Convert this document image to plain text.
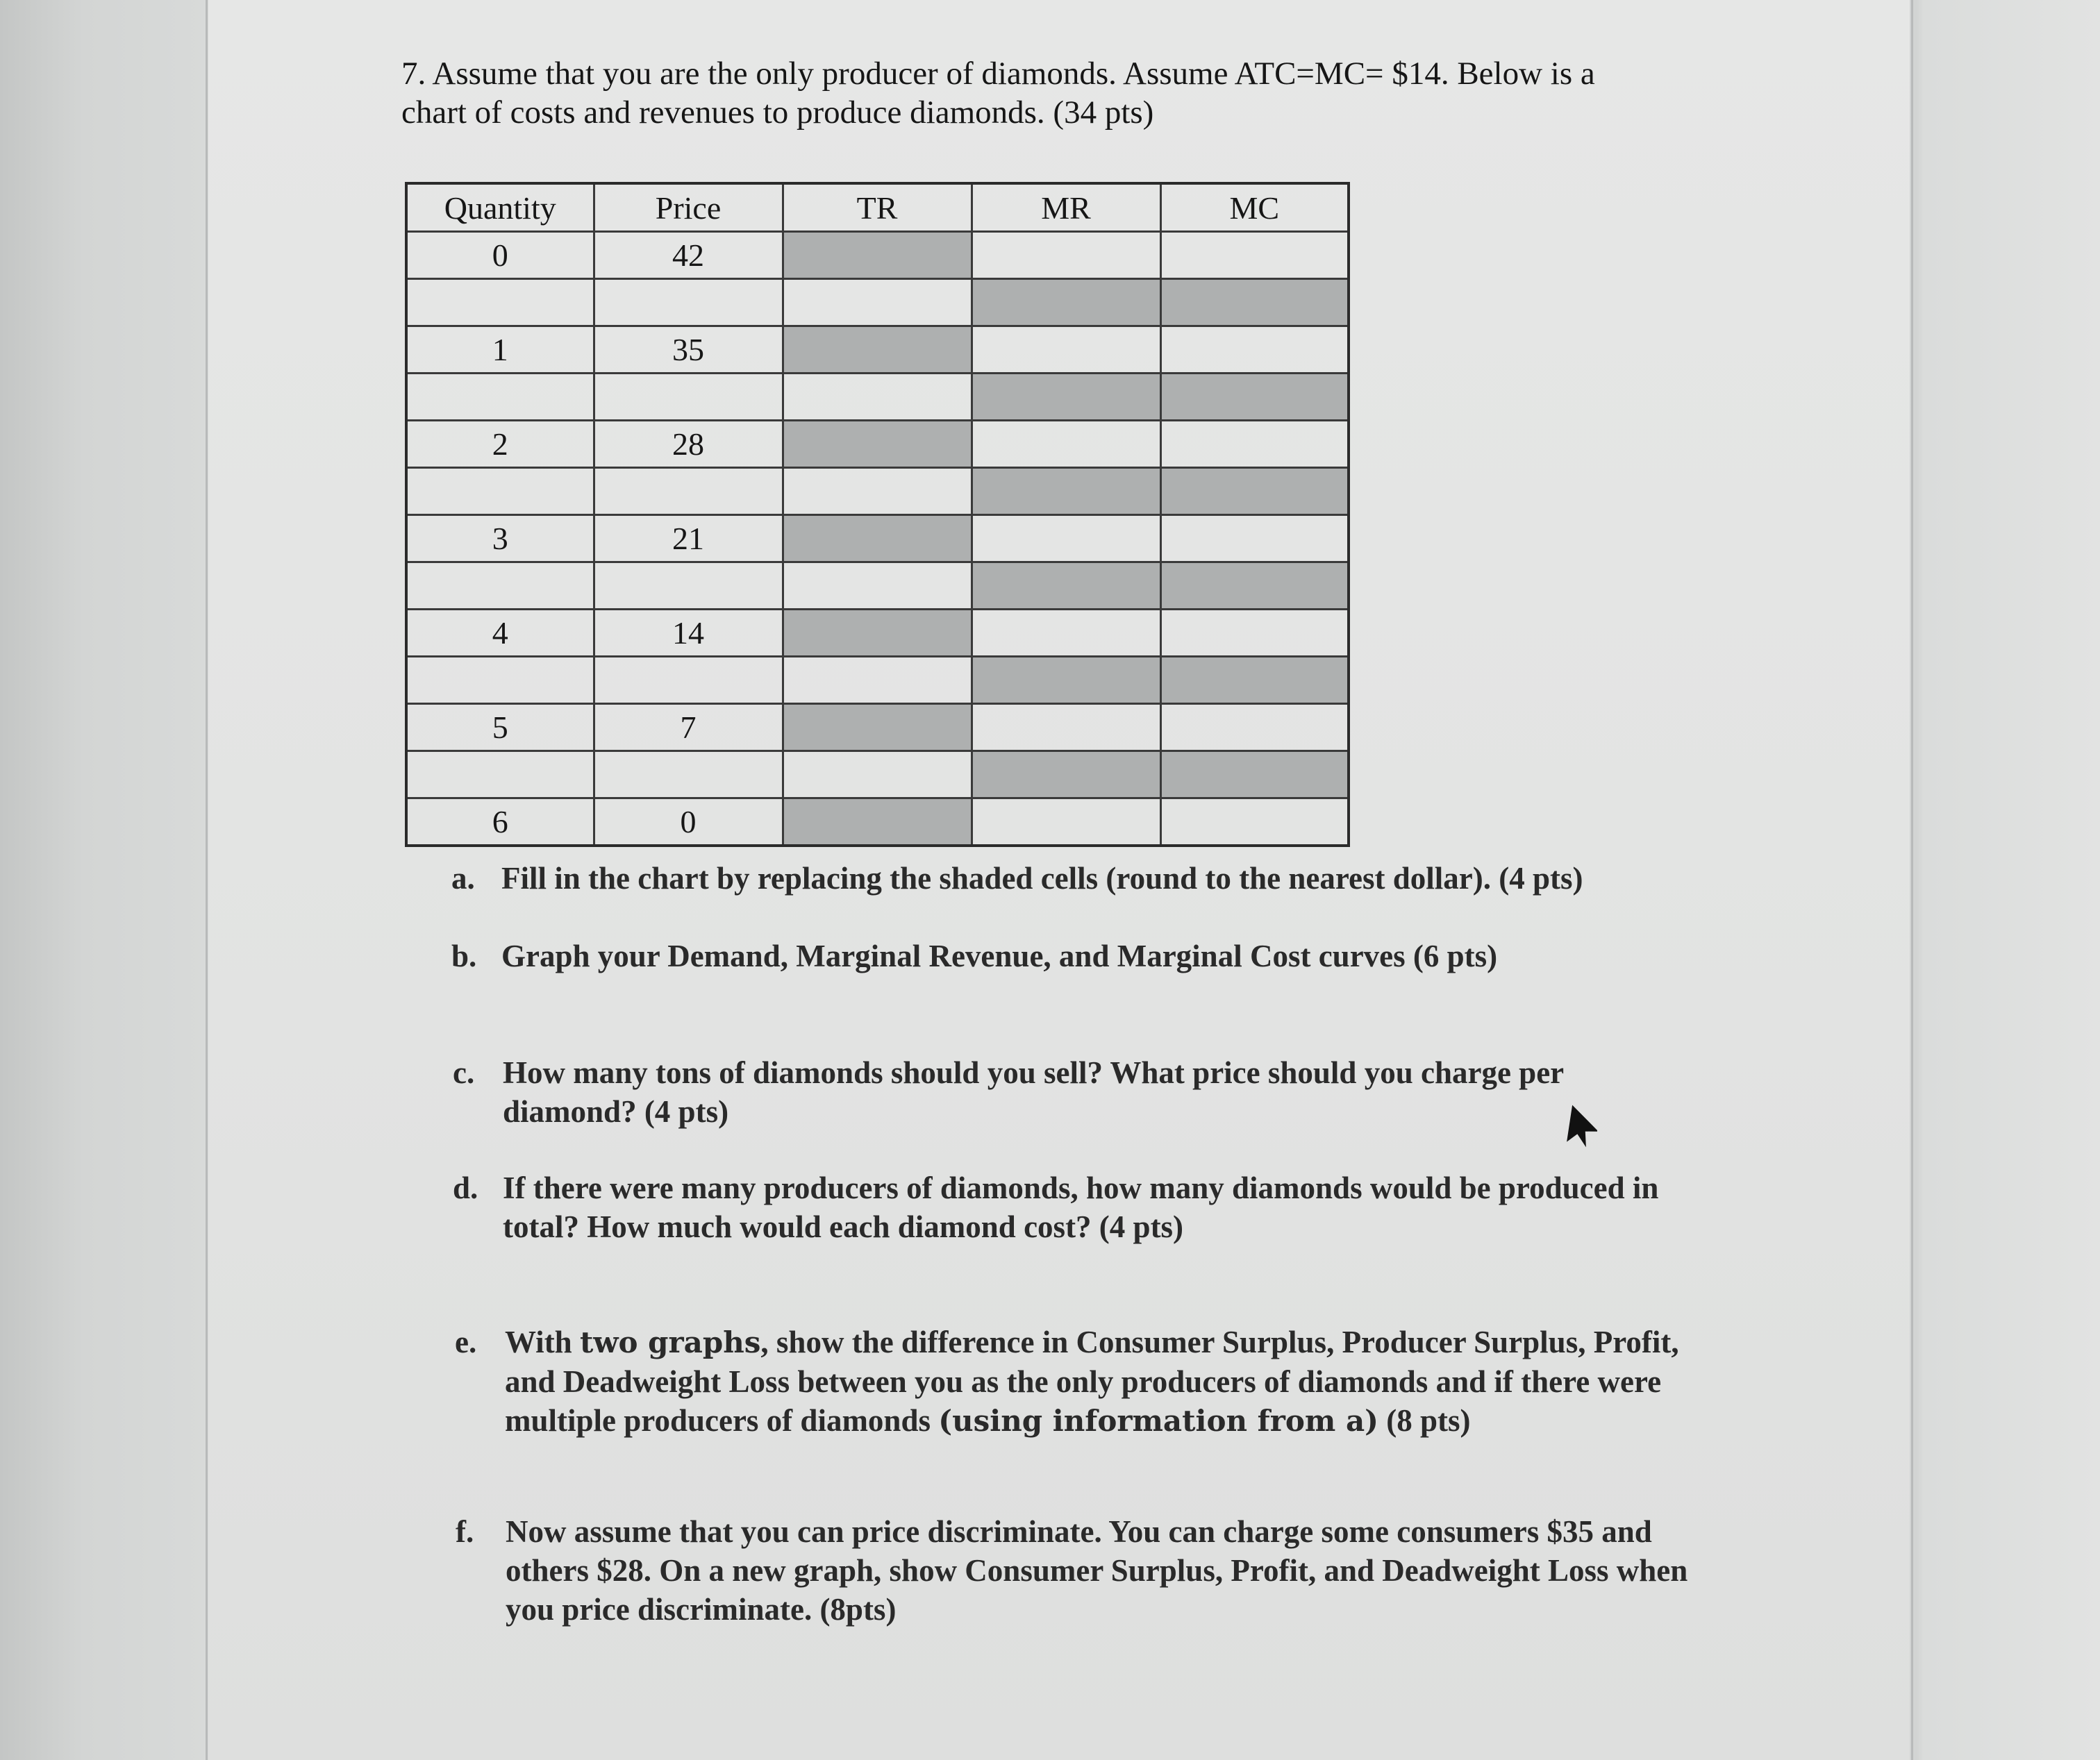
7. Assume that you are the only producer of diamonds. Assume ATC=MC= $14. Below is a
chart of costs and revenues to produce diamonds. (34 pts)
Quantity	Price	TR	MR	MC
0	42			

1	35			

2	28			

3	21			

4	14			

5	7			

6	0			
a. Fill in the chart by replacing the shaded cells (round to the nearest dollar). (4 pts)
b. Graph your Demand, Marginal Revenue, and Marginal Cost curves (6 pts)
c. How many tons of diamonds should you sell? What price should you charge per
diamond? (4 pts)
d. If there were many producers of diamonds, how many diamonds would be produced in
total? How much would each diamond cost? (4 pts)
e. With two graphs, show the difference in Consumer Surplus, Producer Surplus, Profit,
and Deadweight Loss between you as the only producers of diamonds and if there were
multiple producers of diamonds (using information from a) (8 pts)
f. Now assume that you can price discriminate. You can charge some consumers $35 and
others $28. On a new graph, show Consumer Surplus, Profit, and Deadweight Loss when
you price discriminate. (8pts)
